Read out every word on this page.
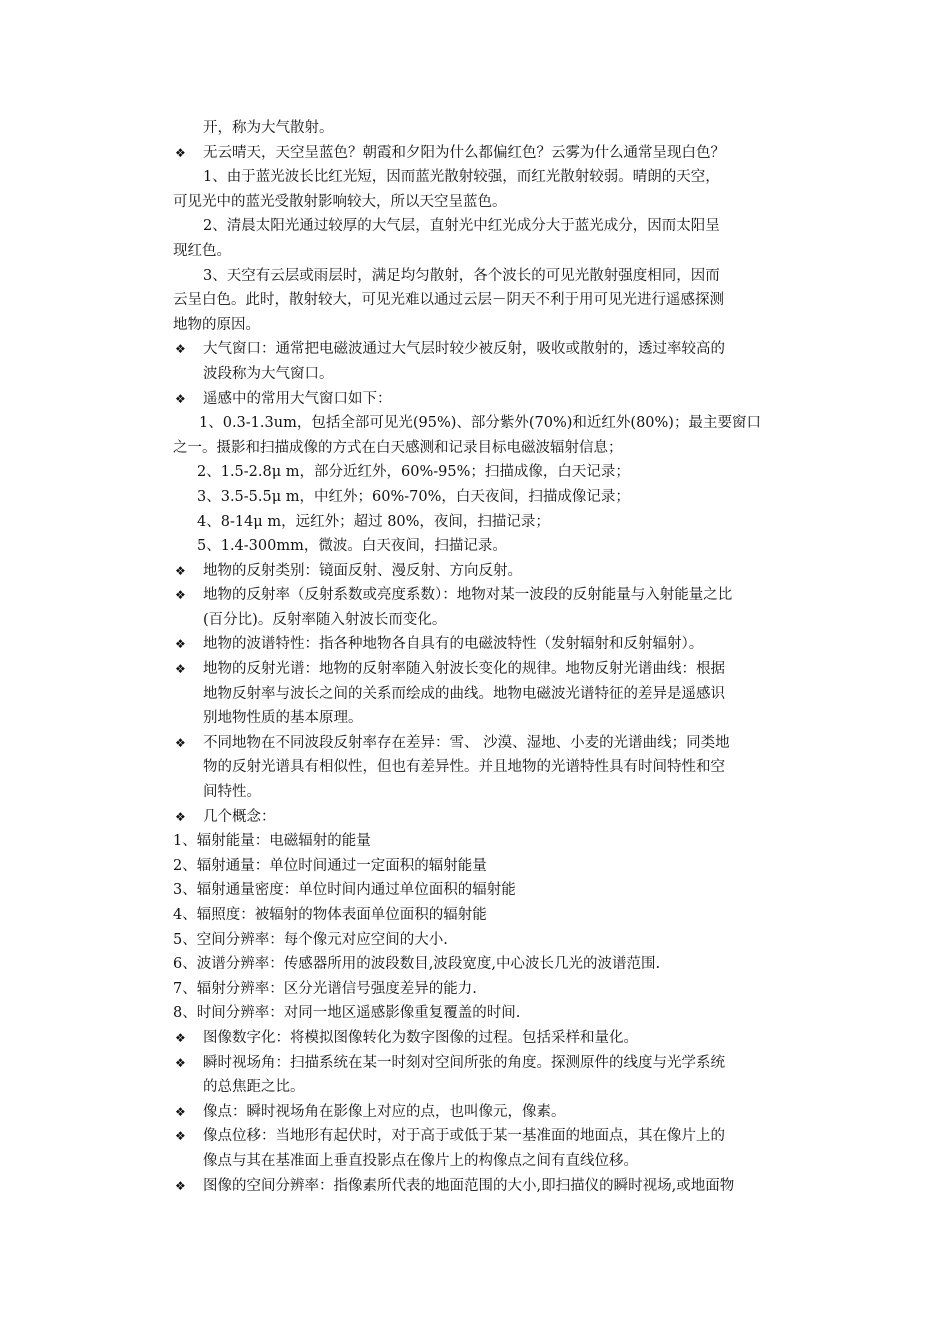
开，称为大气散射。
❖ 无云晴天，天空呈蓝色？朝霞和夕阳为什么都偏红色？云雾为什么通常呈现白色？
1、由于蓝光波长比红光短，因而蓝光散射较强，而红光散射较弱。晴朗的天空，
可见光中的蓝光受散射影响较大，所以天空呈蓝色。
2、清晨太阳光通过较厚的大气层，直射光中红光成分大于蓝光成分，因而太阳呈
现红色。
3、天空有云层或雨层时，满足均匀散射，各个波长的可见光散射强度相同，因而
云呈白色。此时，散射较大，可见光难以通过云层－阴天不利于用可见光进行遥感探测
地物的原因。
❖ 大气窗口：通常把电磁波通过大气层时较少被反射，吸收或散射的，透过率较高的
波段称为大气窗口。
❖ 遥感中的常用大气窗口如下：
1、0.3-1.3um，包括全部可见光(95%)、部分紫外(70%)和近红外(80%)；最主要窗口
之一。摄影和扫描成像的方式在白天感测和记录目标电磁波辐射信息；
2、1.5-2.8μ m，部分近红外，60%-95%；扫描成像，白天记录；
3、3.5-5.5μ m，中红外；60%-70%，白天夜间，扫描成像记录；
4、8-14μ m，远红外；超过 80%，夜间，扫描记录；
5、1.4-300mm，微波。白天夜间，扫描记录。
❖ 地物的反射类别：镜面反射、漫反射、方向反射。
❖ 地物的反射率（反射系数或亮度系数）：地物对某一波段的反射能量与入射能量之比
(百分比)。反射率随入射波长而变化。
❖ 地物的波谱特性：指各种地物各自具有的电磁波特性（发射辐射和反射辐射）。
❖ 地物的反射光谱：地物的反射率随入射波长变化的规律。地物反射光谱曲线：根据
地物反射率与波长之间的关系而绘成的曲线。地物电磁波光谱特征的差异是遥感识
别地物性质的基本原理。
❖ 不同地物在不同波段反射率存在差异：雪、 沙漠、湿地、小麦的光谱曲线；同类地
物的反射光谱具有相似性，但也有差异性。并且地物的光谱特性具有时间特性和空
间特性。
❖ 几个概念：
1、辐射能量：电磁辐射的能量
2、辐射通量：单位时间通过一定面积的辐射能量
3、辐射通量密度：单位时间内通过单位面积的辐射能
4、辐照度：被辐射的物体表面单位面积的辐射能
5、空间分辨率：每个像元对应空间的大小.
6、波谱分辨率：传感器所用的波段数目,波段宽度,中心波长几光的波谱范围.
7、辐射分辨率：区分光谱信号强度差异的能力.
8、时间分辨率：对同一地区遥感影像重复覆盖的时间.
❖ 图像数字化：将模拟图像转化为数字图像的过程。包括采样和量化。
❖ 瞬时视场角：扫描系统在某一时刻对空间所张的角度。探测原件的线度与光学系统
的总焦距之比。
❖ 像点：瞬时视场角在影像上对应的点，也叫像元，像素。
❖ 像点位移：当地形有起伏时，对于高于或低于某一基准面的地面点，其在像片上的
像点与其在基准面上垂直投影点在像片上的构像点之间有直线位移。
❖ 图像的空间分辨率：指像素所代表的地面范围的大小,即扫描仪的瞬时视场,或地面物
